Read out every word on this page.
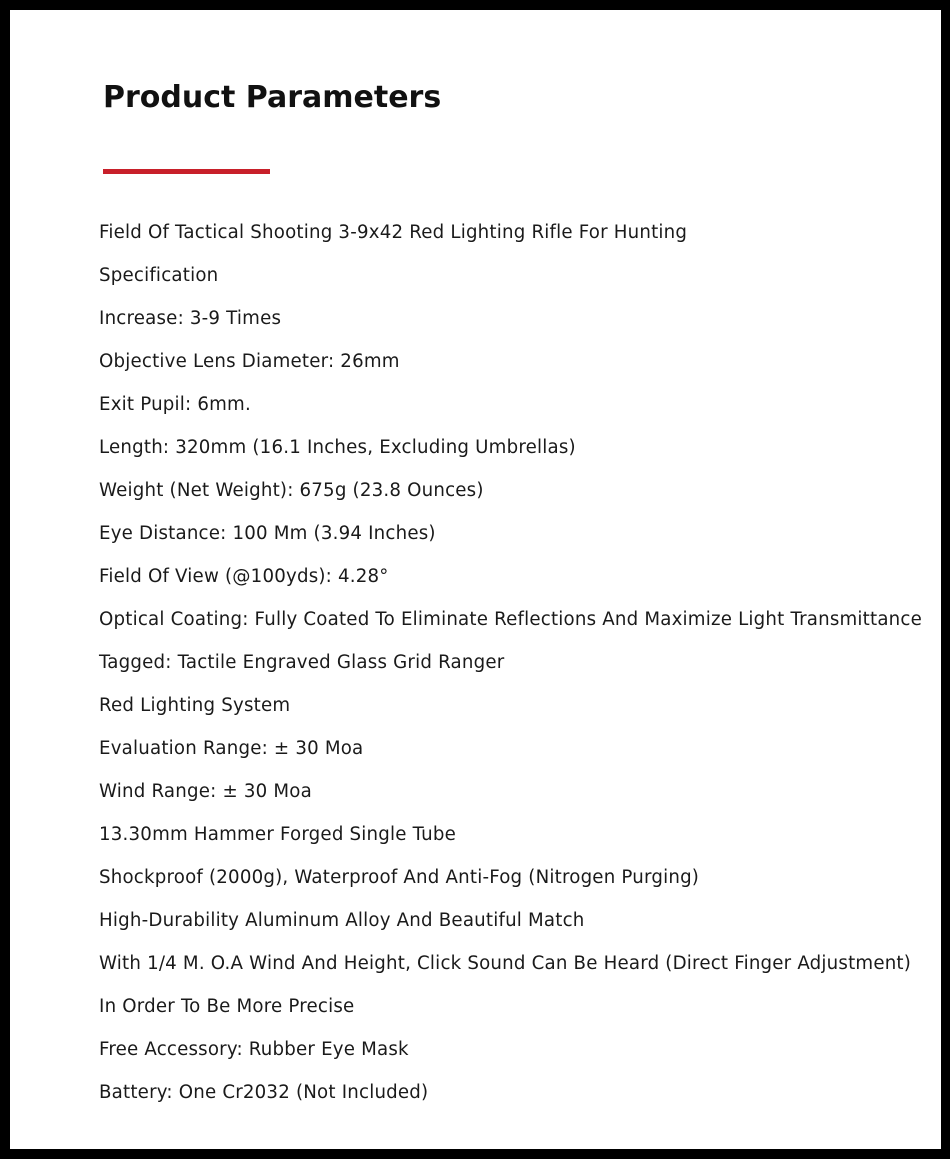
Product Parameters
Field Of Tactical Shooting 3-9x42 Red Lighting Rifle For Hunting
Specification
Increase: 3-9 Times
Objective Lens Diameter: 26mm
Exit Pupil: 6mm.
Length: 320mm (16.1 Inches, Excluding Umbrellas)
Weight (Net Weight): 675g (23.8 Ounces)
Eye Distance: 100 Mm (3.94 Inches)
Field Of View (@100yds): 4.28°
Optical Coating: Fully Coated To Eliminate Reflections And Maximize Light Transmittance
Tagged: Tactile Engraved Glass Grid Ranger
Red Lighting System
Evaluation Range: ± 30 Moa
Wind Range: ± 30 Moa
13.30mm Hammer Forged Single Tube
Shockproof (2000g), Waterproof And Anti-Fog (Nitrogen Purging)
High-Durability Aluminum Alloy And Beautiful Match
With 1/4 M. O.A Wind And Height, Click Sound Can Be Heard (Direct Finger Adjustment)
In Order To Be More Precise
Free Accessory: Rubber Eye Mask
Battery: One Cr2032 (Not Included)
